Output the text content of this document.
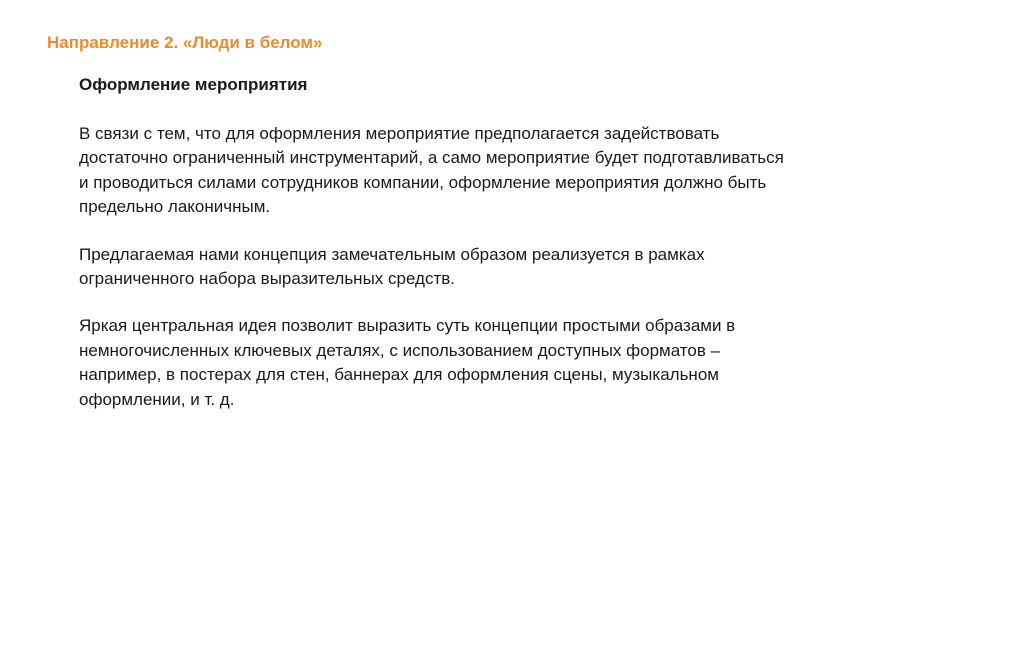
Направление 2. «Люди в белом»
Оформление мероприятия
В связи с тем, что для оформления мероприятие предполагается задействовать
достаточно ограниченный инструментарий, а само мероприятие будет подготавливаться
и проводиться силами сотрудников компании, оформление мероприятия должно быть
предельно лаконичным.
Предлагаемая нами концепция замечательным образом реализуется в рамках
ограниченного набора выразительных средств.
Яркая центральная идея позволит выразить суть концепции простыми образами в
немногочисленных ключевых деталях, с использованием доступных форматов –
например, в постерах для стен, баннерах для оформления сцены, музыкальном
оформлении, и т. д.
